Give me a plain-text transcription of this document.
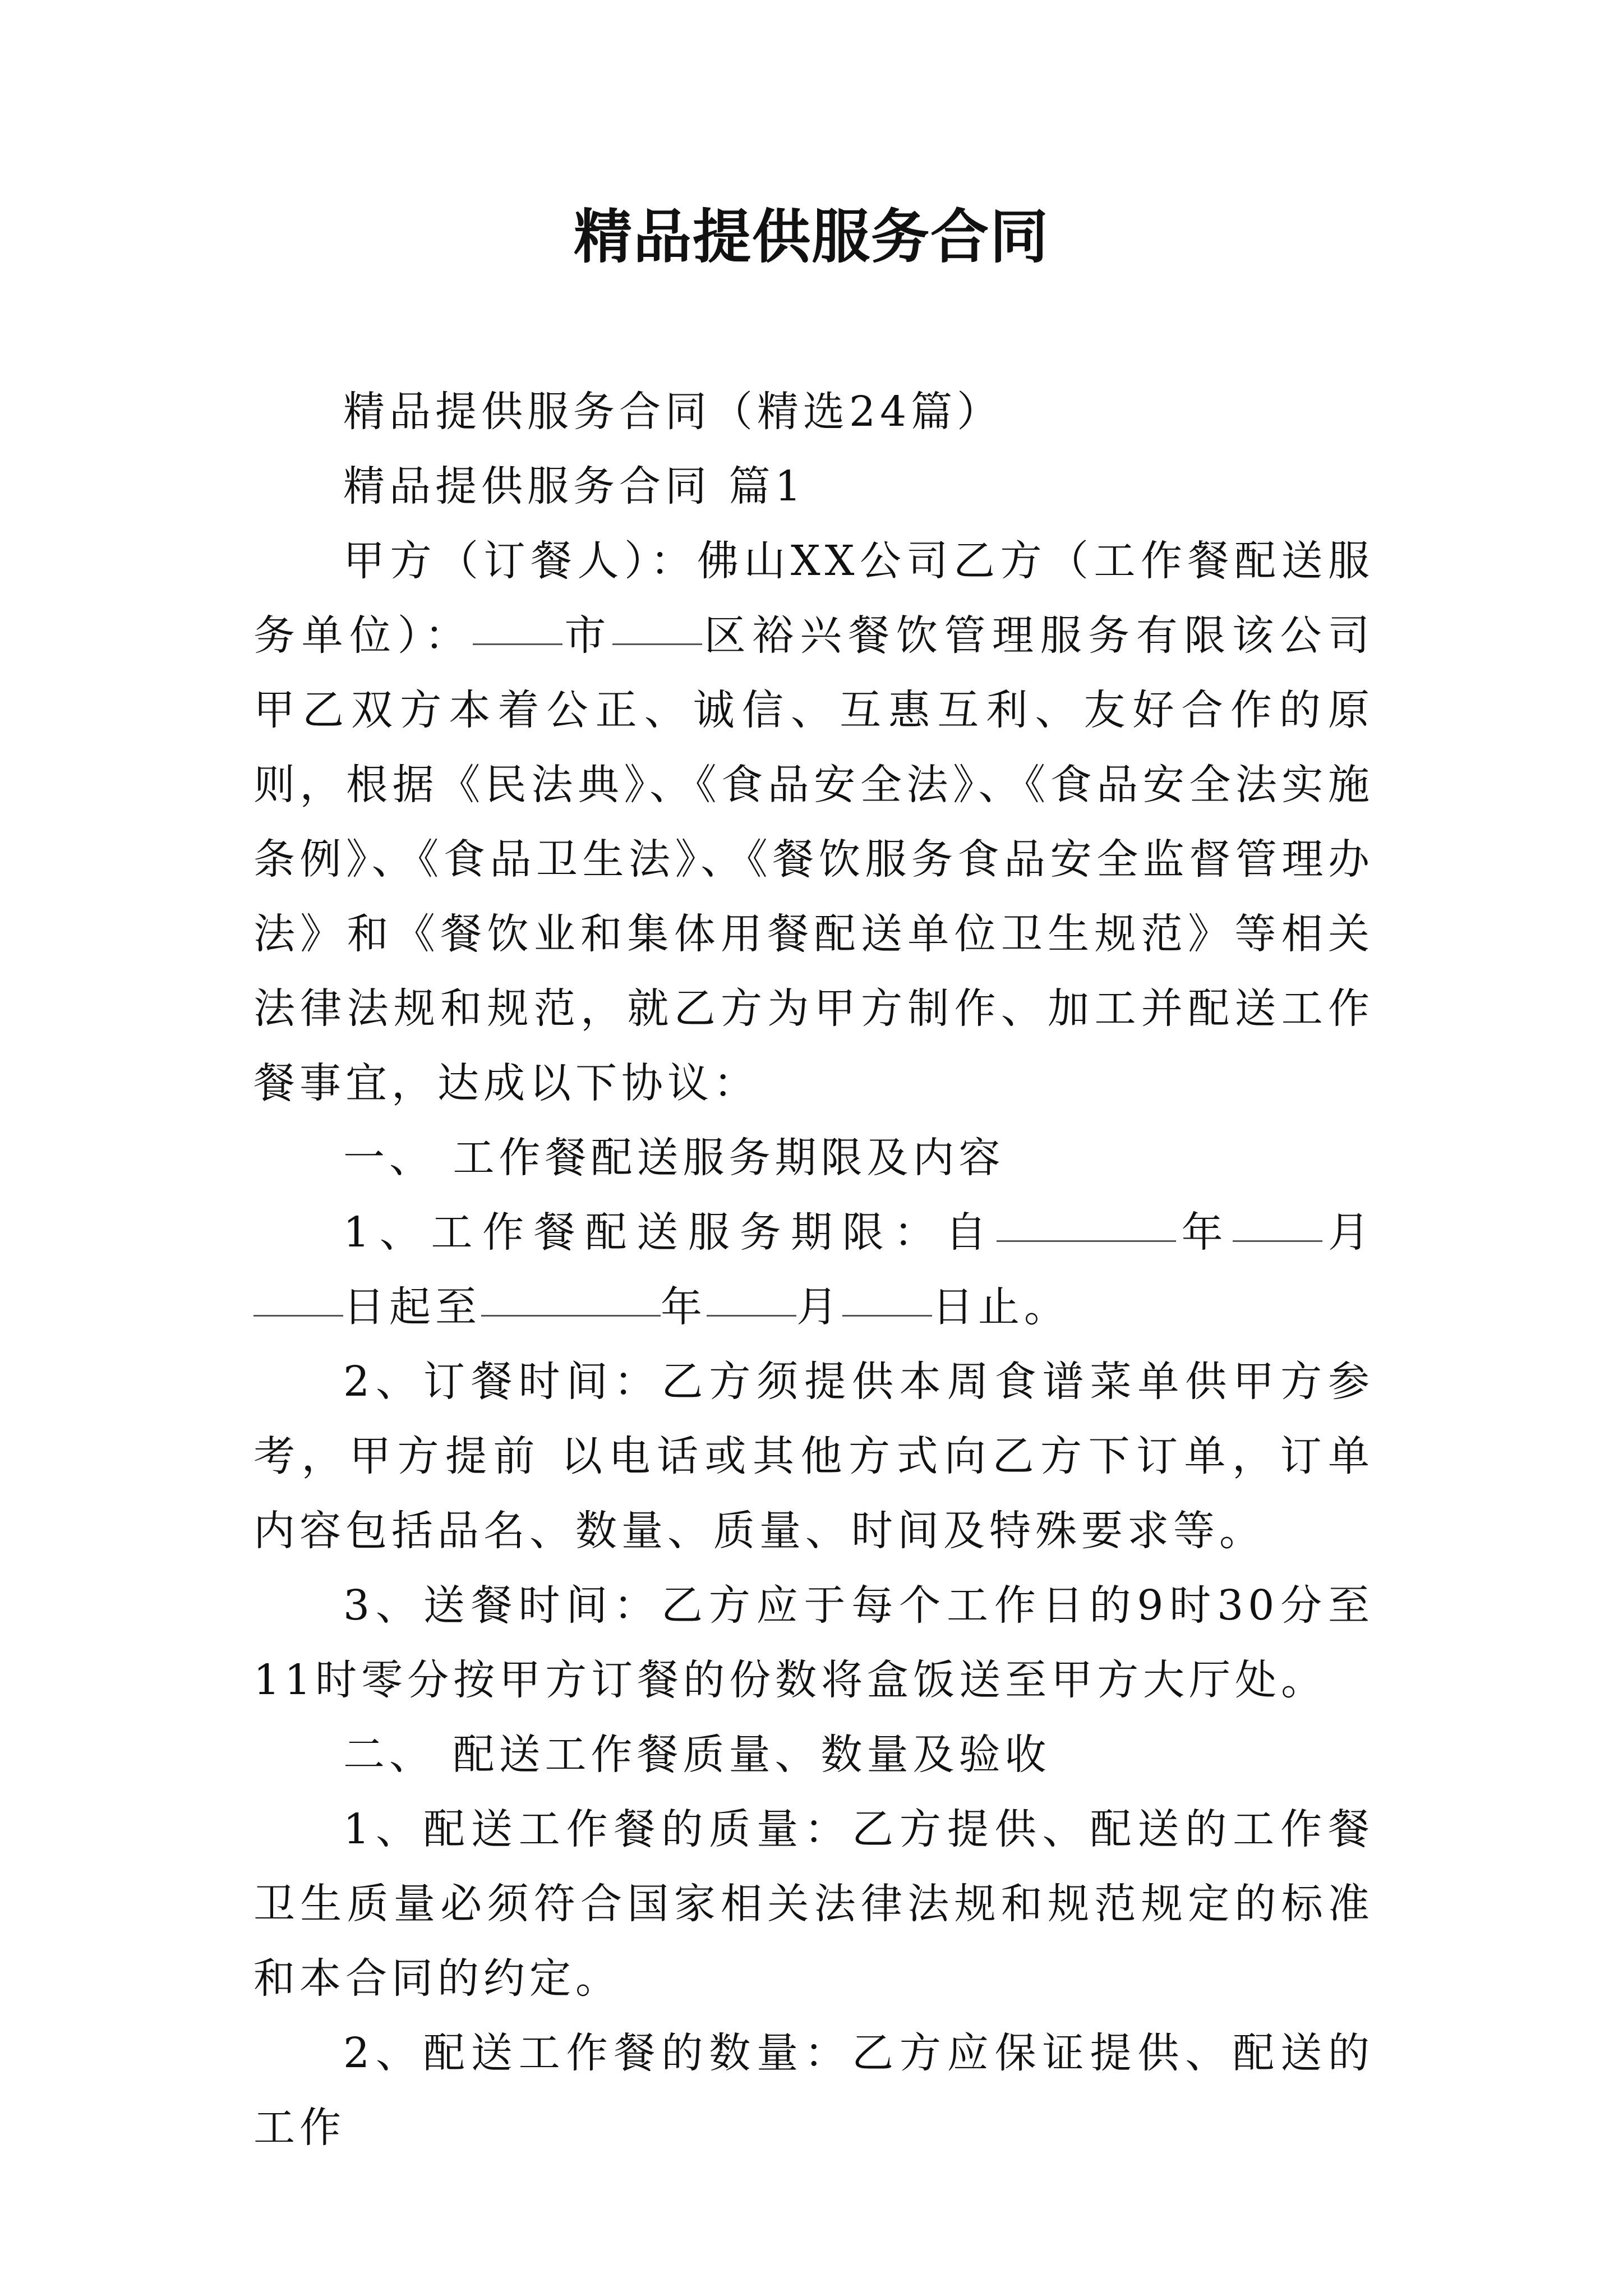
精品提供服务合同

精品提供服务合同（精选24篇）

精品提供服务合同 篇1

甲方（订餐人）：佛山XX公司乙方（工作餐配送服务单位）： 市 区裕兴餐饮管理服务有限该公司甲乙双方本着公正、诚信、互惠互利、友好合作的原则，根据《民法典》、《食品安全法》、《食品安全法实施条例》、《食品卫生法》、《餐饮服务食品安全监督管理办法》和《餐饮业和集体用餐配送单位卫生规范》等相关法律法规和规范，就乙方为甲方制作、加工并配送工作餐事宜，达成以下协议：

一、 工作餐配送服务期限及内容

1、工作餐配送服务期限：自	年 月日起至	年 月 日止。

2、订餐时间：乙方须提供本周食谱菜单供甲方参考，甲方提前 以电话或其他方式向乙方下订单，订单内容包括品名、数量、质量、时间及特殊要求等。

3、送餐时间：乙方应于每个工作日的9时30分至11时零分按甲方订餐的份数将盒饭送至甲方大厅处。

二、 配送工作餐质量、数量及验收

1、配送工作餐的质量：乙方提供、配送的工作餐卫生质量必须符合国家相关法律法规和规范规定的标准和本合同的约定。

2、配送工作餐的数量：乙方应保证提供、配送的工作
